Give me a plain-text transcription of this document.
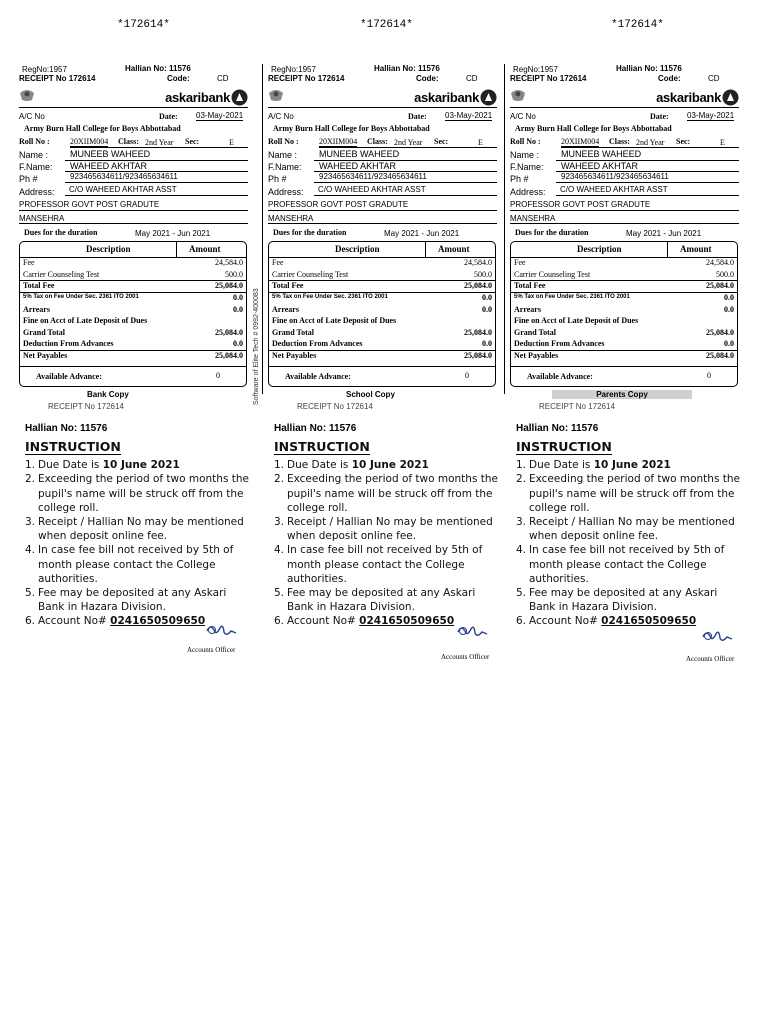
*172614*	*172614*	*172614*
RegNo:1957	Hallian No: 11576
RECEIPT No 172614	Code:	CD
askaribank
A/C No	Date: 03-May-2021
Army Burn Hall College for Boys Abbottabad
Roll No :	20XIIM004 Class: 2nd Year Sec:	E
Name : MUNEEB WAHEED
F.Name: WAHEED AKHTAR
Ph #	923465634611/923465634611
Address: C/O WAHEED AKHTAR ASST
PROFESSOR GOVT POST GRADUTE
MANSEHRA
Dues for the duration	May 2021 - Jun 2021
Description	Amount
Fee	24,584.0
Carrier Counseling Test	500.0
Total Fee	25,084.0
5% Tax on Fee Under Sec. 2361 ITO 2001	0.0
Arrears	0.0
Fine on Acct of Late Deposit of Dues
Grand Total	25,084.0
Deduction From Advances	0.0
Net Payables	25,084.0
Available Advance:	0
Bank Copy
RECEIPT No 172614
Hallian No: 11576
INSTRUCTION
1. Due Date is 10 June 2021
2. Exceeding the period of two months the pupil's name will be struck off from the college roll.
3. Receipt / Hallian No may be mentioned when deposit online fee.
4. In case fee bill not received by 5th of month please contact the College authorities.
5. Fee may be deposited at any Askari Bank in Hazara Division.
6. Account No# 0241650509650
RegNo:1957	Hallian No: 11576
RECEIPT No 172614	Code:	CD
askaribank
A/C No	Date: 03-May-2021
Army Burn Hall College for Boys Abbottabad
Roll No :	20XIIM004 Class: 2nd Year Sec:	E
Name : MUNEEB WAHEED
F.Name: WAHEED AKHTAR
Ph #	923465634611/923465634611
Address: C/O WAHEED AKHTAR ASST
PROFESSOR GOVT POST GRADUTE
MANSEHRA
Dues for the duration	May 2021 - Jun 2021
Description	Amount
Fee	24,584.0
Carrier Counseling Test	500.0
Total Fee	25,084.0
5% Tax on Fee Under Sec. 2361 ITO 2001	0.0
Arrears	0.0
Fine on Acct of Late Deposit of Dues
Grand Total	25,084.0
Deduction From Advances	0.0
Net Payables	25,084.0
Available Advance:	0
School Copy
RECEIPT No 172614
Hallian No: 11576
INSTRUCTION
1. Due Date is 10 June 2021
2. Exceeding the period of two months the pupil's name will be struck off from the college roll.
3. Receipt / Hallian No may be mentioned when deposit online fee.
4. In case fee bill not received by 5th of month please contact the College authorities.
5. Fee may be deposited at any Askari Bank in Hazara Division.
6. Account No# 0241650509650
RegNo:1957	Hallian No: 11576
RECEIPT No 172614	Code:	CD
askaribank
A/C No	Date: 03-May-2021
Army Burn Hall College for Boys Abbottabad
Roll No :	20XIIM004 Class: 2nd Year Sec:	E
Name : MUNEEB WAHEED
F.Name: WAHEED AKHTAR
Ph #	923465634611/923465634611
Address: C/O WAHEED AKHTAR ASST
PROFESSOR GOVT POST GRADUTE
MANSEHRA
Dues for the duration	May 2021 - Jun 2021
Description	Amount
Fee	24,584.0
Carrier Counseling Test	500.0
Total Fee	25,084.0
5% Tax on Fee Under Sec. 2361 ITO 2001	0.0
Arrears	0.0
Fine on Acct of Late Deposit of Dues
Grand Total	25,084.0
Deduction From Advances	0.0
Net Payables	25,084.0
Available Advance:	0
Parents Copy
RECEIPT No 172614
Hallian No: 11576
INSTRUCTION
1. Due Date is 10 June 2021
2. Exceeding the period of two months the pupil's name will be struck off from the college roll.
3. Receipt / Hallian No may be mentioned when deposit online fee.
4. In case fee bill not received by 5th of month please contact the College authorities.
5. Fee may be deposited at any Askari Bank in Hazara Division.
6. Account No# 0241650509650
Software of Elite Tech # 0992-400083
Accounts Officer
Accounts Officer	Accounts Officer
